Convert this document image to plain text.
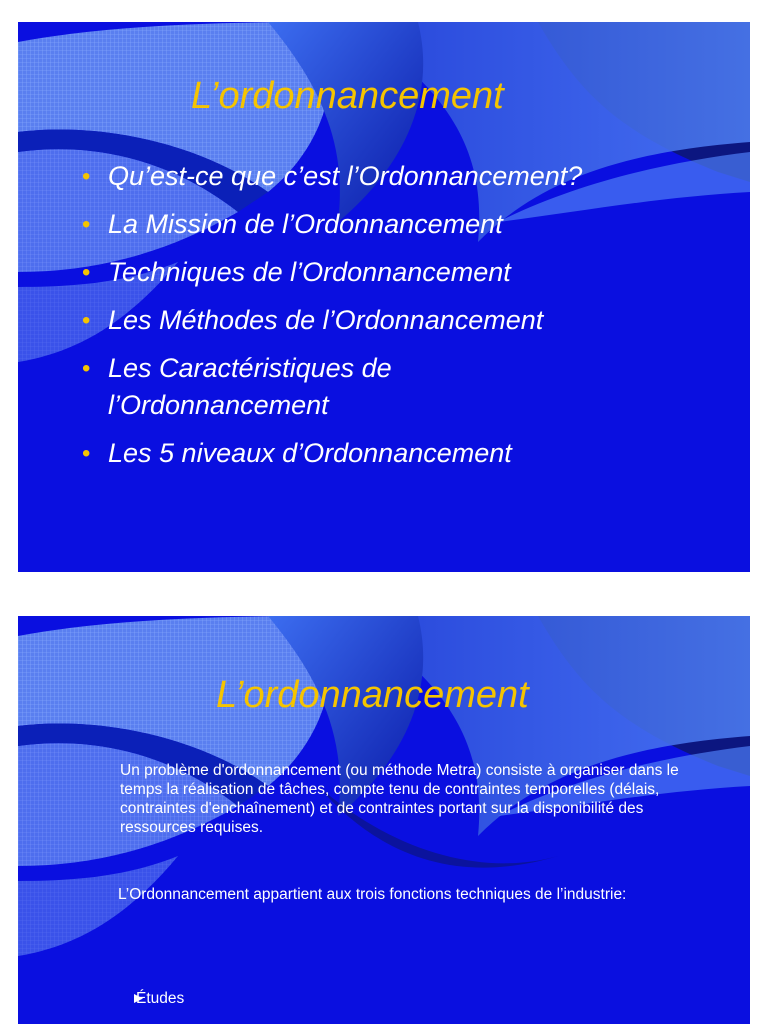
L’ordonnancement
• Qu’est-ce que c’est l’Ordonnancement?
• La Mission de l’Ordonnancement
• Techniques de l’Ordonnancement
• Les Méthodes de l’Ordonnancement
• Les Caractéristiques de l’Ordonnancement
• Les 5 niveaux d’Ordonnancement
L’ordonnancement

Un problème d'ordonnancement (ou méthode Metra) consiste à organiser dans le temps la réalisation de tâches, compte tenu de contraintes temporelles (délais, contraintes d'enchaînement) et de contraintes portant sur la disponibilité des ressources requises.

L’Ordonnancement appartient aux trois fonctions techniques de l’industrie:

Études
